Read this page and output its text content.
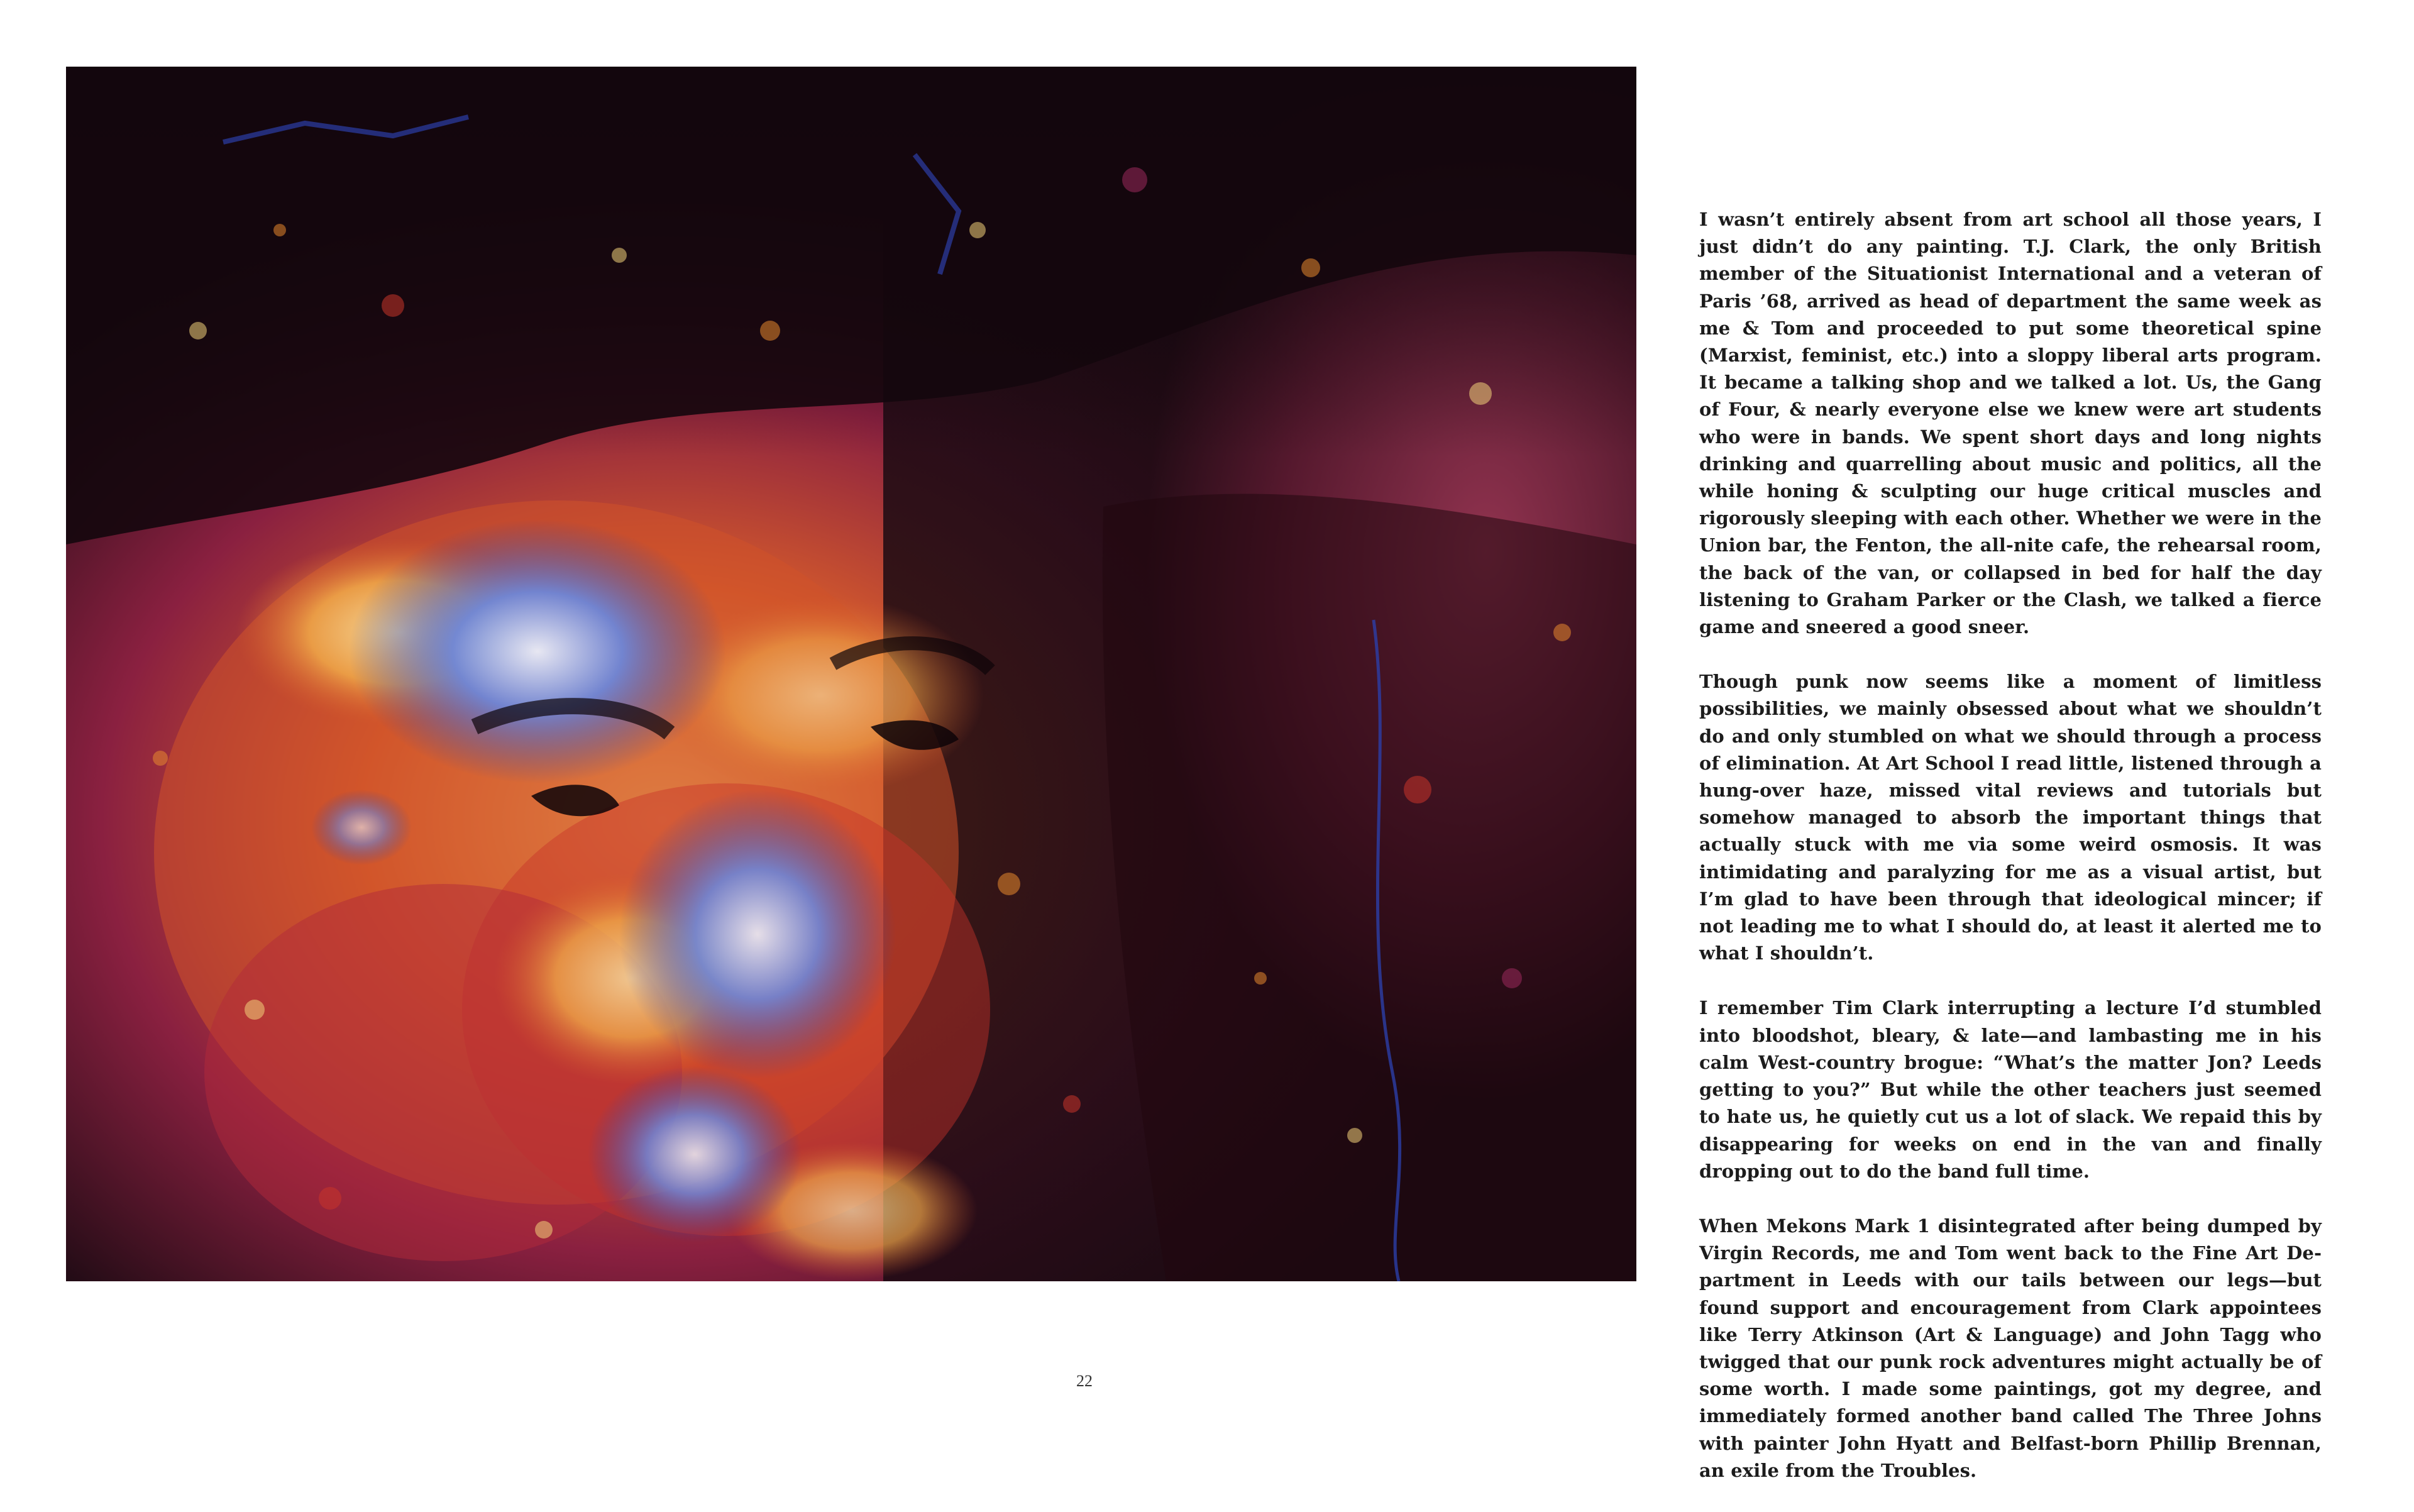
22

I wasn’t entirely absent from art school all those years, I just didn’t do any painting. T.J. Clark, the only British member of the Situationist International and a veteran of Paris ’68, arrived as head of department the same week as me & Tom and proceeded to put some theoretical spine (Marxist, feminist, etc.) into a sloppy liberal arts program. It became a talking shop and we talked a lot. Us, the Gang of Four, & nearly everyone else we knew were art students who were in bands. We spent short days and long nights drinking and quarrelling about music and politics, all the while honing & sculpting our huge critical muscles and rigorously sleeping with each other. Whether we were in the Union bar, the Fenton, the all-nite cafe, the rehearsal room, the back of the van, or collapsed in bed for half the day listening to Graham Parker or the Clash, we talked a fierce game and sneered a good sneer.

Though punk now seems like a moment of limitless possibilities, we mainly obsessed about what we shouldn’t do and only stumbled on what we should through a process of elimination. At Art School I read little, listened through a hung-over haze, missed vital reviews and tutorials but somehow managed to absorb the important things that actually stuck with me via some weird osmosis. It was intimidating and paralyzing for me as a visual artist, but I’m glad to have been through that ideological mincer; if not leading me to what I should do, at least it alerted me to what I shouldn’t.

I remember Tim Clark interrupting a lecture I’d stumbled into bloodshot, bleary, & late—and lambasting me in his calm West-country brogue: “What’s the matter Jon? Leeds getting to you?” But while the other teachers just seemed to hate us, he quietly cut us a lot of slack. We repaid this by disappearing for weeks on end in the van and finally dropping out to do the band full time.

When Mekons Mark 1 disintegrated after being dumped by Virgin Records, me and Tom went back to the Fine Art Department in Leeds with our tails between our legs—but found support and encouragement from Clark appointees like Terry Atkinson (Art & Language) and John Tagg who twigged that our punk rock adventures might actually be of some worth. I made some paintings, got my degree, and immediately formed another band called The Three Johns with painter John Hyatt and Belfast-born Phillip Brennan, an exile from the Troubles.
